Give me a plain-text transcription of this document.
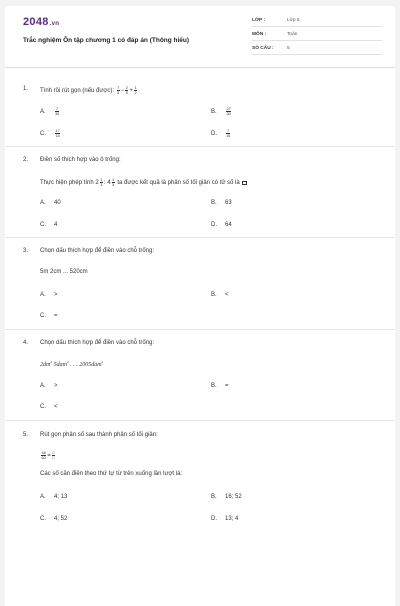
2048.vn
Trắc nghiệm Ôn tập chương 1 có đáp án (Thông hiểu)
LỚP :	Lớp 5
MÔN :	Toán
SỐ CÂU :	5
1. Tính rồi rút gọn (nếu được): $\frac{7}{3} - \frac{2}{5} + \frac{1}{2}$
A. $\frac{7}{30}$	B. $\frac{27}{30}$
C. $\frac{17}{15}$	D. $\frac{7}{15}$
2. Điền số thích hợp vào ô trống:
Thực hiện phép tính $2 \frac{1}{3}$ : $4 \frac{1}{3}$ ta được kết quả là phân số tối giản có tử số là
A. 40	B. 63
C. 4	D. 64
3. Chọn dấu thích hợp để điền vào chỗ trống:
5m 2cm ... 520cm
A. >	B. <
C. =
4. Chọn dấu thích hợp để điền vào chỗ trống:
$2dm^2$ 5dam$^2$ . . . 2005dam$^2$
A. >	B. =
C. <
5. Rút gọn phân số sau thành phân số tối giản:
$\frac{48}{60} = \frac{□}{□}$
Các số cần điền theo thứ tự từ trên xuống lần lượt là:
A. 4; 13	B. 16; 52
C. 4; 52	D. 13; 4
